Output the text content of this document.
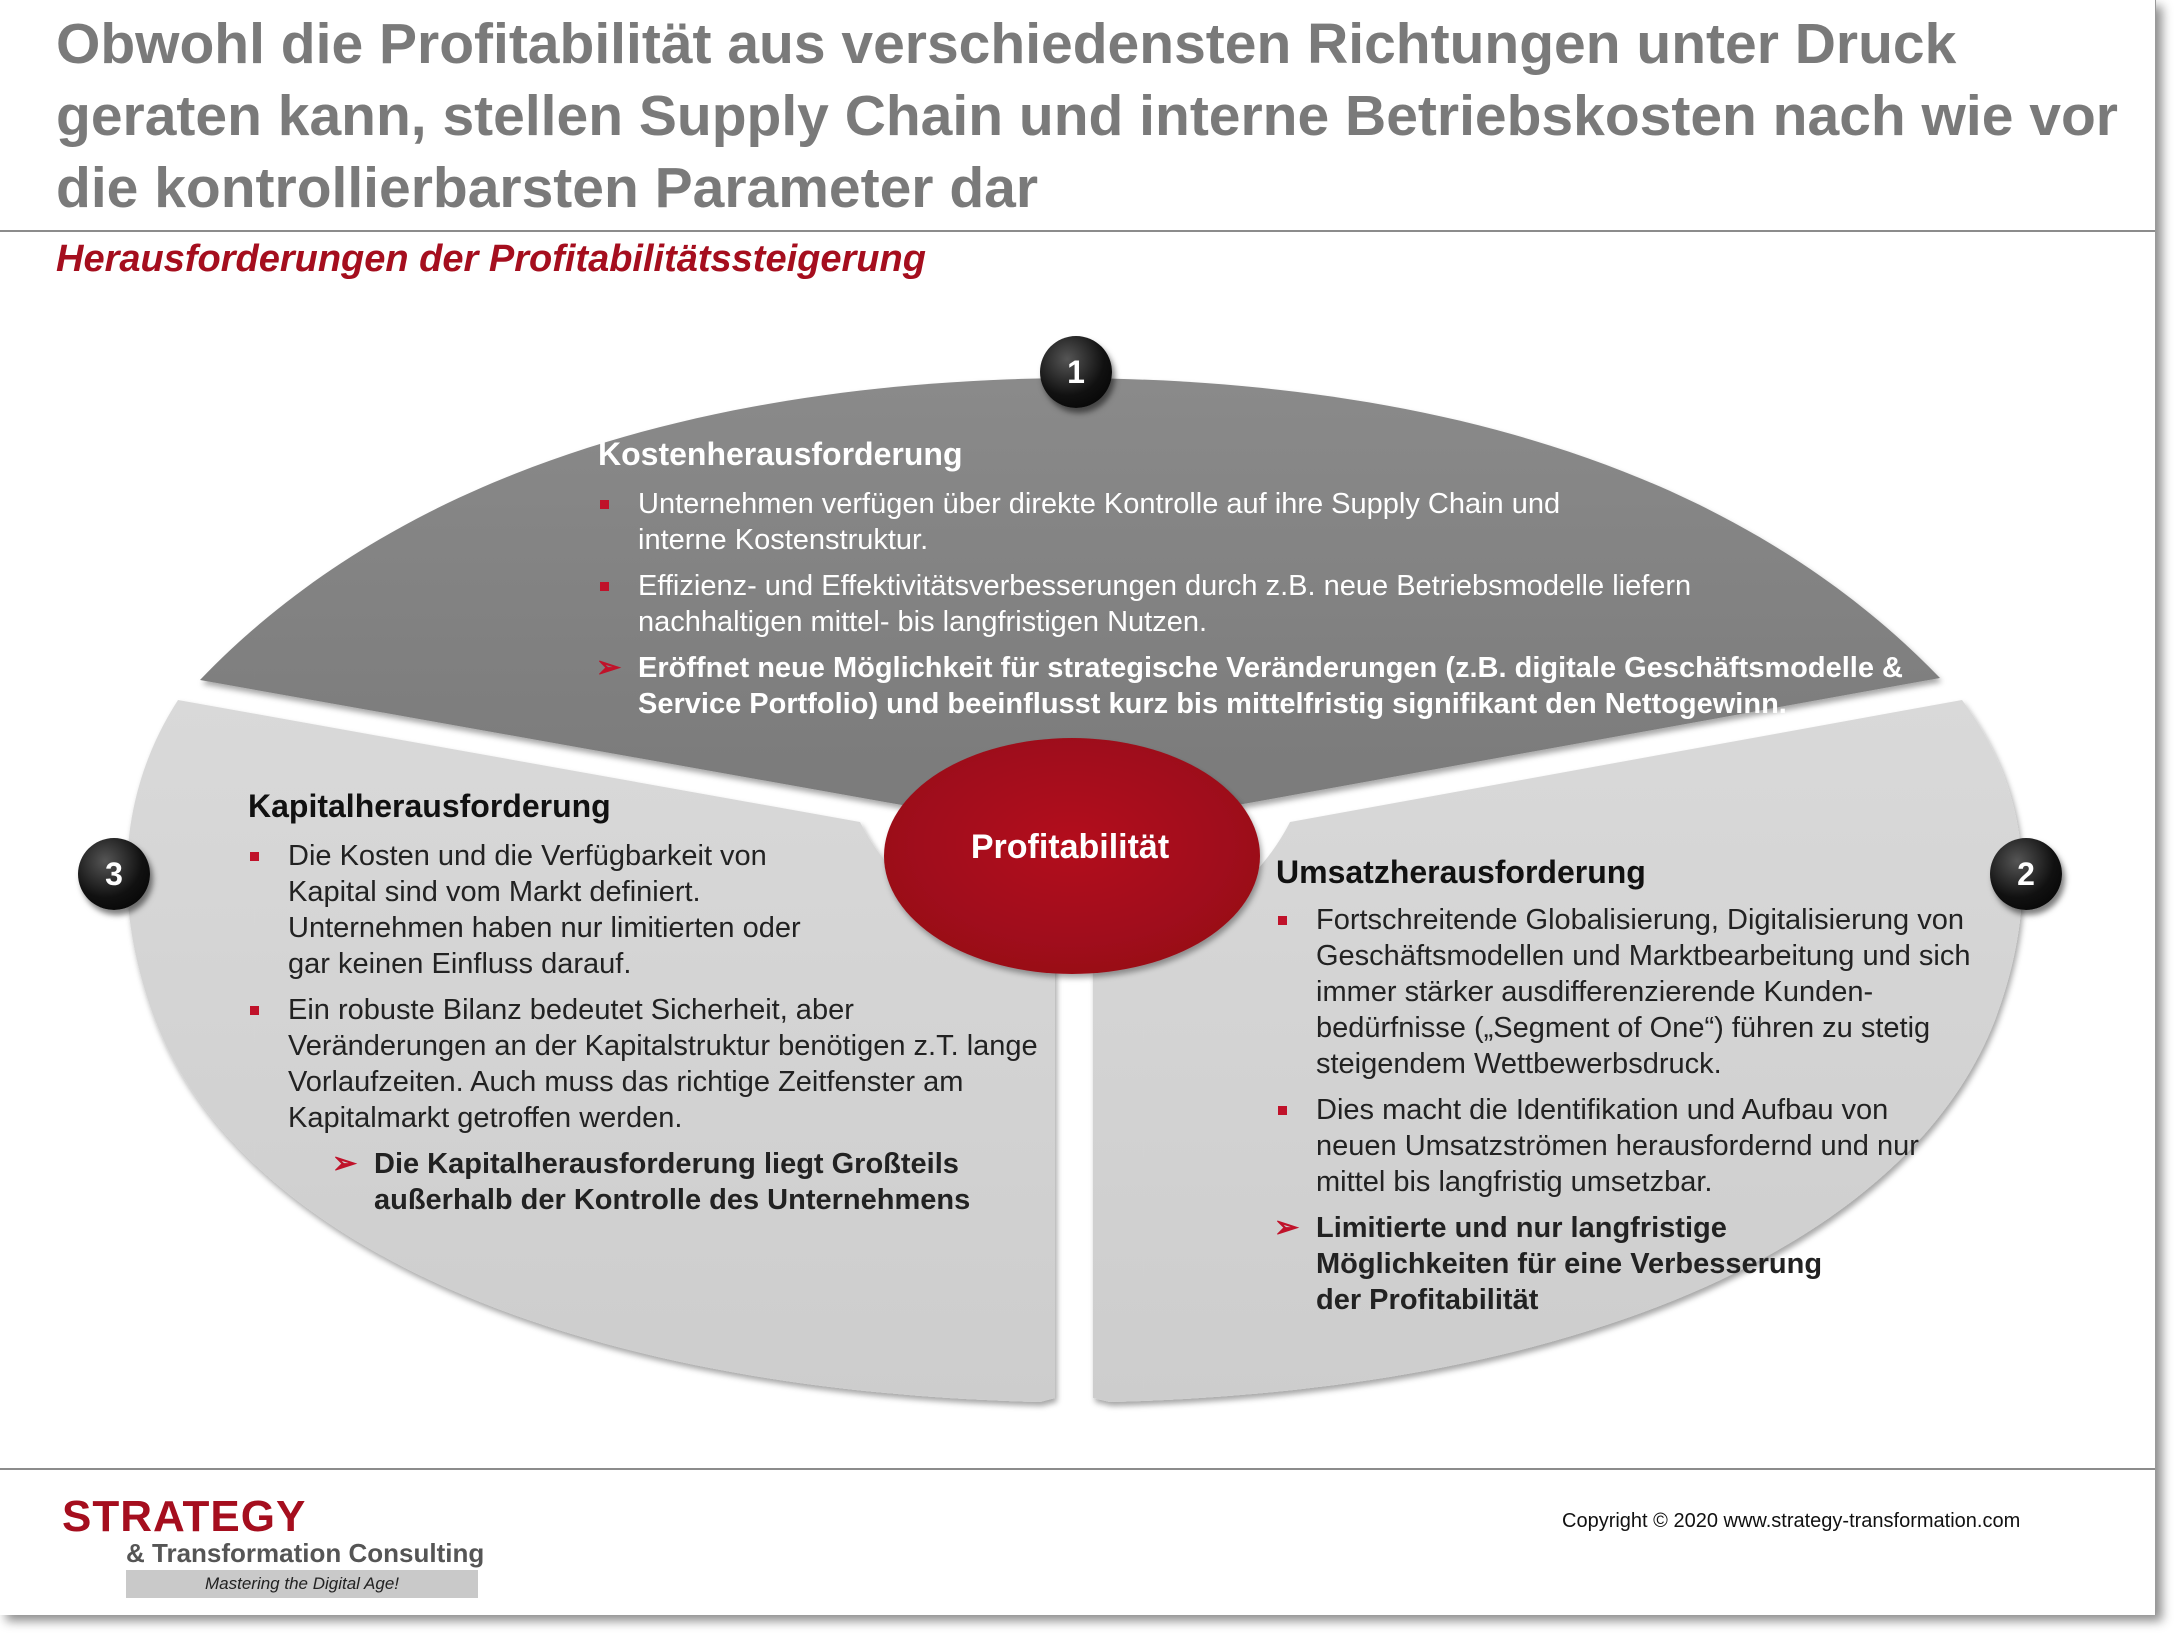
Obwohl die Profitabilität aus verschiedensten Richtungen unter Druck geraten kann, stellen Supply Chain und interne Betriebskosten nach wie vor die kontrollierbarsten Parameter dar
Herausforderungen der Profitabilitätssteigerung
1
2
3
Profitabilität
Kostenherausforderung
Unternehmen verfügen über direkte Kontrolle auf ihre Supply Chain und interne Kostenstruktur.
Effizienz- und Effektivitätsverbesserungen durch z.B. neue Betriebsmodelle liefern nachhaltigen mittel- bis langfristigen Nutzen.
➢ Eröffnet neue Möglichkeit für strategische Veränderungen (z.B. digitale Geschäftsmodelle & Service Portfolio) und beeinflusst kurz bis mittelfristig signifikant den Nettogewinn.
Kapitalherausforderung
Die Kosten und die Verfügbarkeit von Kapital sind vom Markt definiert. Unternehmen haben nur limitierten oder gar keinen Einfluss darauf.
Ein robuste Bilanz bedeutet Sicherheit, aber Veränderungen an der Kapitalstruktur benötigen z.T. lange Vorlaufzeiten. Auch muss das richtige Zeitfenster am Kapitalmarkt getroffen werden.
➢ Die Kapitalherausforderung liegt Großteils außerhalb der Kontrolle des Unternehmens
Umsatzherausforderung
Fortschreitende Globalisierung, Digitalisierung von Geschäftsmodellen und Marktbearbeitung und sich immer stärker ausdifferenzierende Kunden-bedürfnisse („Segment of One“) führen zu stetig steigendem Wettbewerbsdruck.
Dies macht die Identifikation und Aufbau von neuen Umsatzströmen herausfordernd und nur mittel bis langfristig umsetzbar.
➢ Limitierte und nur langfristige Möglichkeiten für eine Verbesserung der Profitabilität
STRATEGY
& Transformation Consulting
Mastering the Digital Age!
Copyright © 2020 www.strategy-transformation.com
